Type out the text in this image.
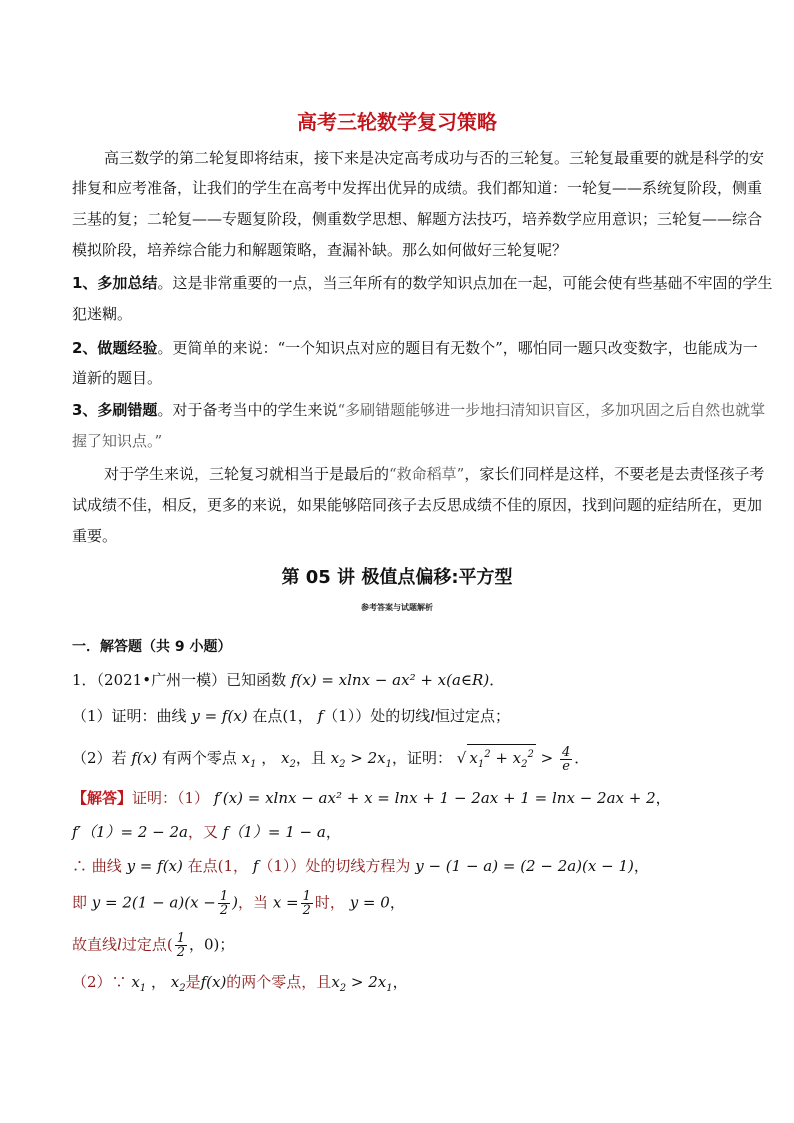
高考三轮数学复习策略
高三数学的第二轮复即将结束，接下来是决定高考成功与否的三轮复。三轮复最重要的就是科学的安
排复和应考准备，让我们的学生在高考中发挥出优异的成绩。我们都知道：一轮复——系统复阶段，侧重
三基的复；二轮复——专题复阶段，侧重数学思想、解题方法技巧，培养数学应用意识；三轮复——综合
模拟阶段，培养综合能力和解题策略，查漏补缺。那么如何做好三轮复呢？
1、多加总结。这是非常重要的一点，当三年所有的数学知识点加在一起，可能会使有些基础不牢固的学生
犯迷糊。
2、做题经验。更简单的来说：“一个知识点对应的题目有无数个”，哪怕同一题只改变数字，也能成为一
道新的题目。
3、多刷错题。对于备考当中的学生来说“多刷错题能够进一步地扫清知识盲区，多加巩固之后自然也就掌
握了知识点。”
对于学生来说，三轮复习就相当于是最后的“救命稻草”，家长们同样是这样，不要老是去责怪孩子考
试成绩不佳，相反，更多的来说，如果能够陪同孩子去反思成绩不佳的原因，找到问题的症结所在，更加
重要。
第 05 讲 极值点偏移:平方型
参考答案与试题解析
一．解答题（共 9 小题）
1．（2021•广州一模）已知函数 f(x) = xlnx − ax² + x(a∈R)．
（1）证明：曲线 y = f(x) 在点(1， f（1））处的切线l恒过定点；
（2）若 f(x) 有两个零点 $x_1$ ， $x_2$，且 $x_2 > 2x_1$，证明： √ $x_1^2 + x_2^2 > \frac{4}{e}$ ．
【解答】证明：（1） f′(x) = xlnx − ax² + x = lnx + 1 − 2ax + 1 = lnx − 2ax + 2，
f′（1）= 2 − 2a，又 f（1）= 1 − a，
∴ 曲线 y = f(x) 在点(1， f（1））处的切线方程为 y − (1 − a) = (2 − 2a)(x − 1)，
即 $y = 2(1 - a)(x - \frac{1}{2}$ )，当 $x = \frac{1}{2}$ 时， y = 0，
故直线l过定点( $\frac{1}{2}$ ，0)；
（2）∵ $x_1$ ， $x_2$是f(x)的两个零点，且$x_2 > 2x_1$，
